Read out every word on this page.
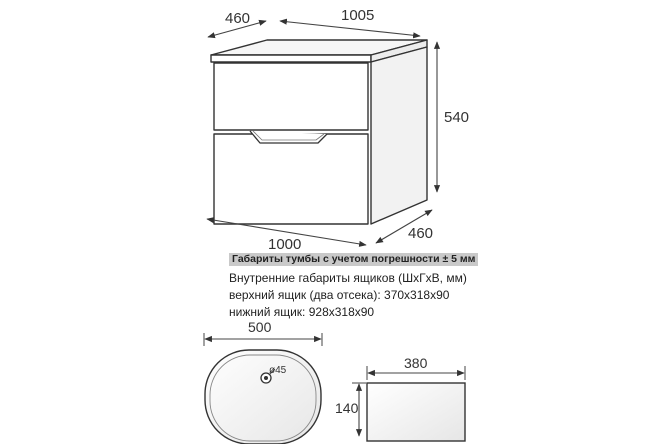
460	1005
540
1000
460
500
ø45	380
140
Габариты тумбы с учетом погрешности ± 5 мм
Внутренние габариты ящиков (ШхГхВ, мм)
верхний ящик (два отсека): 370х318х90
нижний ящик: 928х318х90
